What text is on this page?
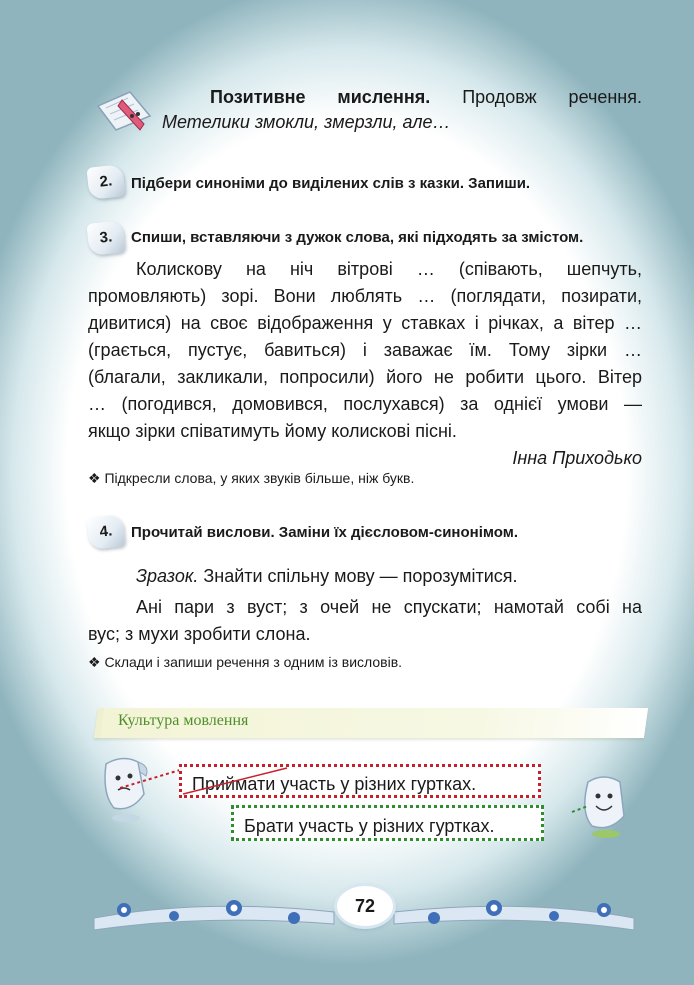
Позитивне мислення. Продовж речення.
Метелики змокли, змерзли, але…
2.	Підбери синоніми до виділених слів з казки. Запиши.
3.	Спиши, вставляючи з дужок слова, які підходять за змістом.
Колискову на ніч вітрові … (співають, шепчуть,
промовляють) зорі. Вони люблять … (поглядати, позирати,
дивитися) на своє відображення у ставках і річках, а вітер …
(грається, пустує, бавиться) і заважає їм. Тому зірки …
(благали, закликали, попросили) його не робити цього. Вітер
… (погодився, домовився, послухався) за однієї умови —
якщо зірки співатимуть йому колискові пісні.
Інна Приходько
❖ Підкресли слова, у яких звуків більше, ніж букв.
4.	Прочитай вислови. Заміни їх дієсловом-синонімом.
Зразок. Знайти спільну мову — порозумітися.
Ані пари з вуст; з очей не спускати; намотай собі на
вус; з мухи зробити слона.
❖ Склади і запиши речення з одним із висловів.
Культура мовлення
Приймати участь у різних гуртках.
Брати участь у різних гуртках.
72
